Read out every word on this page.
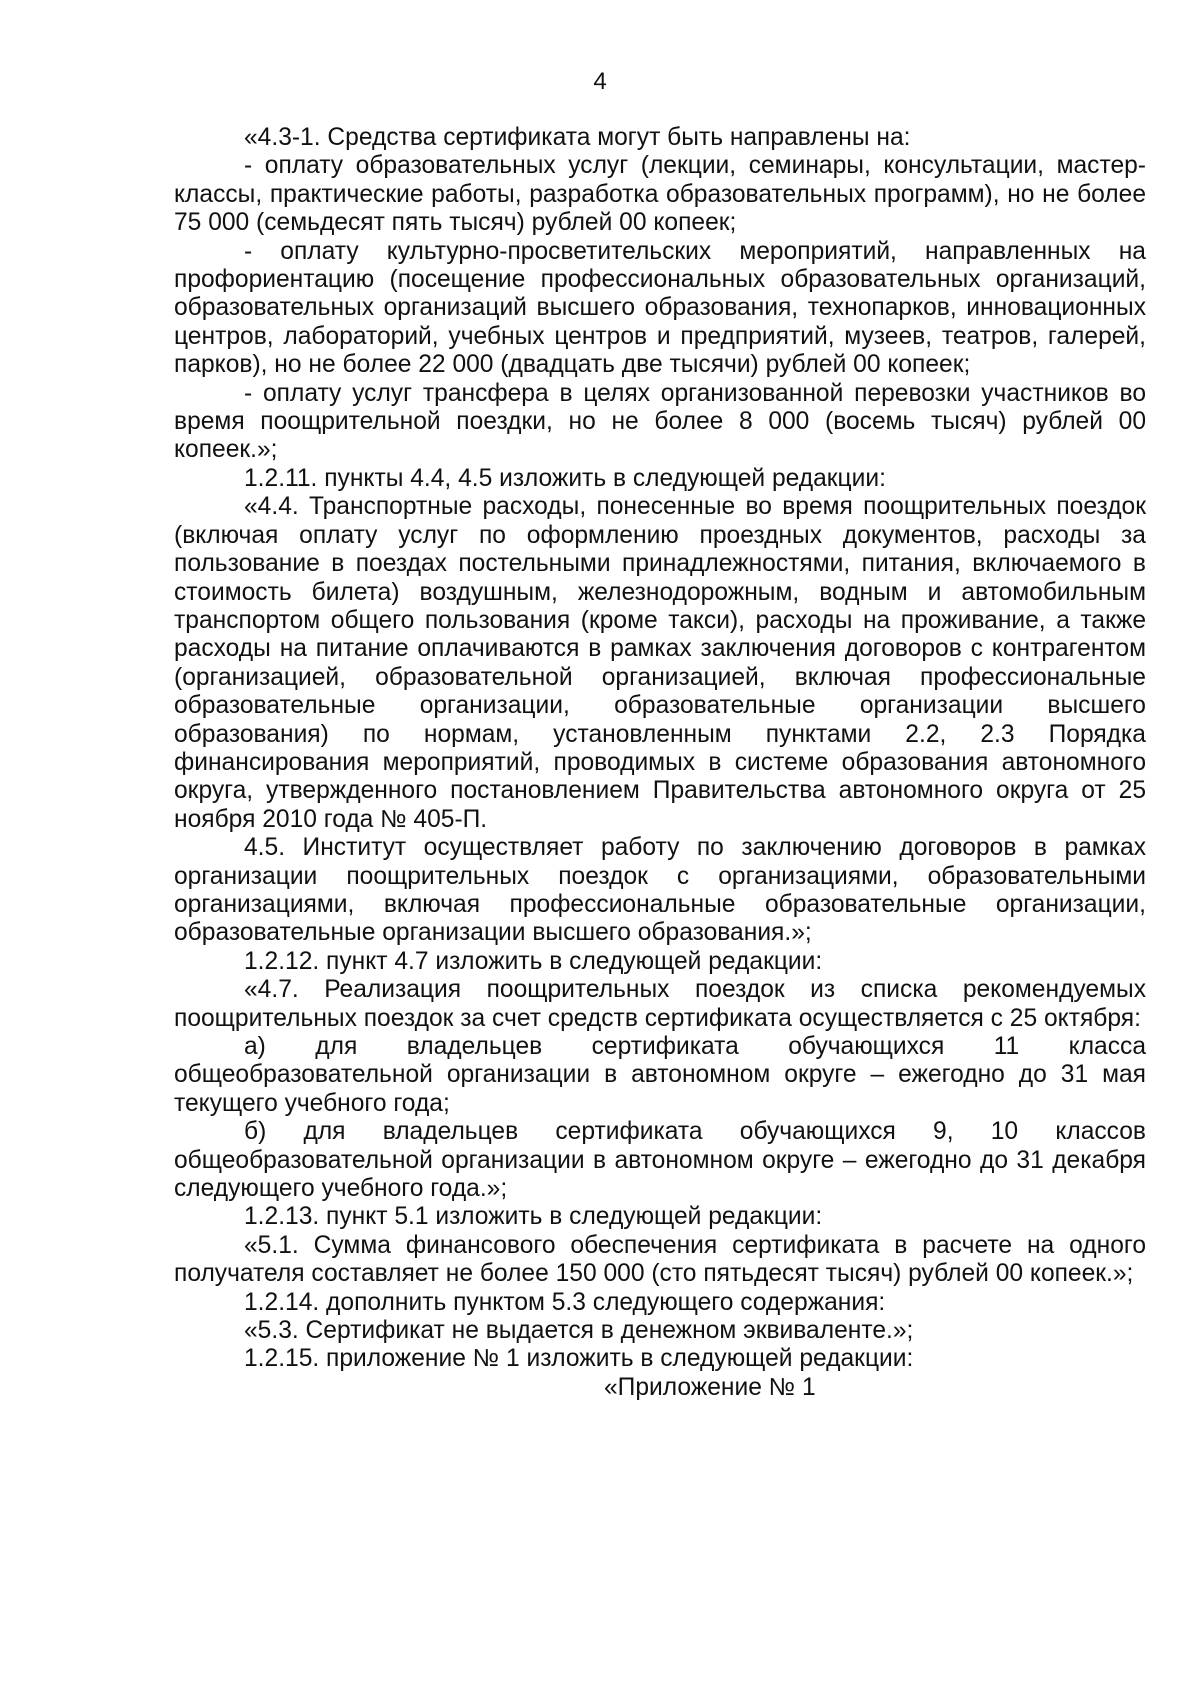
4

«4.3-1. Средства сертификата могут быть направлены на:

- оплату образовательных услуг (лекции, семинары, консультации, мастер-классы, практические работы, разработка образовательных программ), но не более 75 000 (семьдесят пять тысяч) рублей 00 копеек;

- оплату культурно-просветительских мероприятий, направленных на профориентацию (посещение профессиональных образовательных организаций, образовательных организаций высшего образования, технопарков, инновационных центров, лабораторий, учебных центров и предприятий, музеев, театров, галерей, парков), но не более 22 000 (двадцать две тысячи) рублей 00 копеек;

- оплату услуг трансфера в целях организованной перевозки участников во время поощрительной поездки, но не более 8 000 (восемь тысяч) рублей 00 копеек.»;

1.2.11. пункты 4.4, 4.5 изложить в следующей редакции:

«4.4. Транспортные расходы, понесенные во время поощрительных поездок (включая оплату услуг по оформлению проездных документов, расходы за пользование в поездах постельными принадлежностями, питания, включаемого в стоимость билета) воздушным, железнодорожным, водным и автомобильным транспортом общего пользования (кроме такси), расходы на проживание, а также расходы на питание оплачиваются в рамках заключения договоров с контрагентом (организацией, образовательной организацией, включая профессиональные образовательные организации, образовательные организации высшего образования) по нормам, установленным пунктами 2.2, 2.3 Порядка финансирования мероприятий, проводимых в системе образования автономного округа, утвержденного постановлением Правительства автономного округа от 25 ноября 2010 года № 405-П.

4.5. Институт осуществляет работу по заключению договоров в рамках организации поощрительных поездок с организациями, образовательными организациями, включая профессиональные образовательные организации, образовательные организации высшего образования.»;

1.2.12. пункт 4.7 изложить в следующей редакции:

«4.7. Реализация поощрительных поездок из списка рекомендуемых поощрительных поездок за счет средств сертификата осуществляется с 25 октября:

а) для владельцев сертификата обучающихся 11 класса общеобразовательной организации в автономном округе – ежегодно до 31 мая текущего учебного года;

б) для владельцев сертификата обучающихся 9, 10 классов общеобразовательной организации в автономном округе – ежегодно до 31 декабря следующего учебного года.»;

1.2.13. пункт 5.1 изложить в следующей редакции:

«5.1. Сумма финансового обеспечения сертификата в расчете на одного получателя составляет не более 150 000 (сто пятьдесят тысяч) рублей 00 копеек.»;

1.2.14. дополнить пунктом 5.3 следующего содержания:

«5.3. Сертификат не выдается в денежном эквиваленте.»;

1.2.15. приложение № 1 изложить в следующей редакции:

«Приложение № 1
